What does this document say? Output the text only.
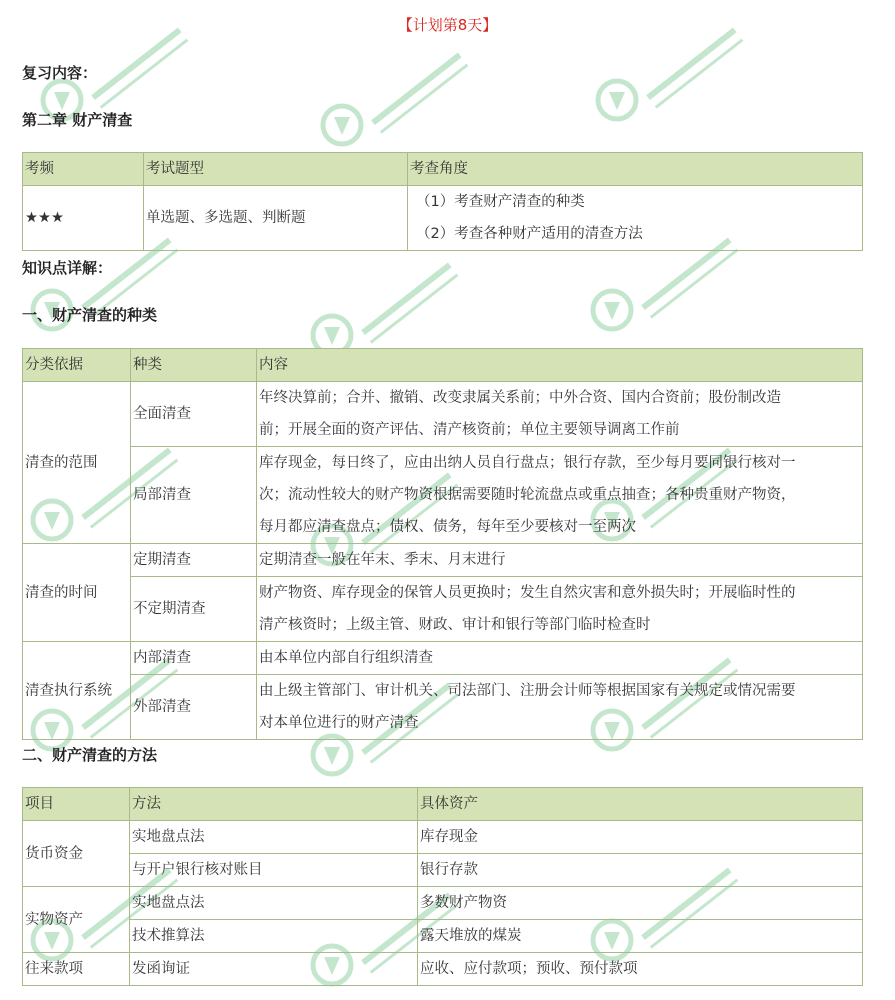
【计划第8天】
复习内容：
第二章 财产清查
考频	考试题型	考查角度
★★★	单选题、多选题、判断题	（1）考查财产清查的种类
（2）考查各种财产适用的清查方法
知识点详解：
一、财产清查的种类
分类依据	种类	内容
清查的范围	全面清查	年终决算前；合并、撤销、改变隶属关系前；中外合资、国内合资前；股份制改造
前；开展全面的资产评估、清产核资前；单位主要领导调离工作前

	局部清查	库存现金，每日终了，应由出纳人员自行盘点；银行存款，至少每月要同银行核对一
次；流动性较大的财产物资根据需要随时轮流盘点或重点抽查；各种贵重财产物资，
每月都应清查盘点；债权、债务，每年至少要核对一至两次

清查的时间	定期清查	定期清查一般在年末、季末、月末进行

	不定期清查	财产物资、库存现金的保管人员更换时；发生自然灾害和意外损失时；开展临时性的
清产核资时；上级主管、财政、审计和银行等部门临时检查时

清查执行系统	内部清查	由本单位内部自行组织清查

	外部清查	由上级主管部门、审计机关、司法部门、注册会计师等根据国家有关规定或情况需要
对本单位进行的财产清查
二、财产清查的方法
项目	方法	具体资产
货币资金	实地盘点法	库存现金
	与开户银行核对账目	银行存款
实物资产	实地盘点法	多数财产物资
	技术推算法	露天堆放的煤炭
往来款项	发函询证	应收、应付款项；预收、预付款项
